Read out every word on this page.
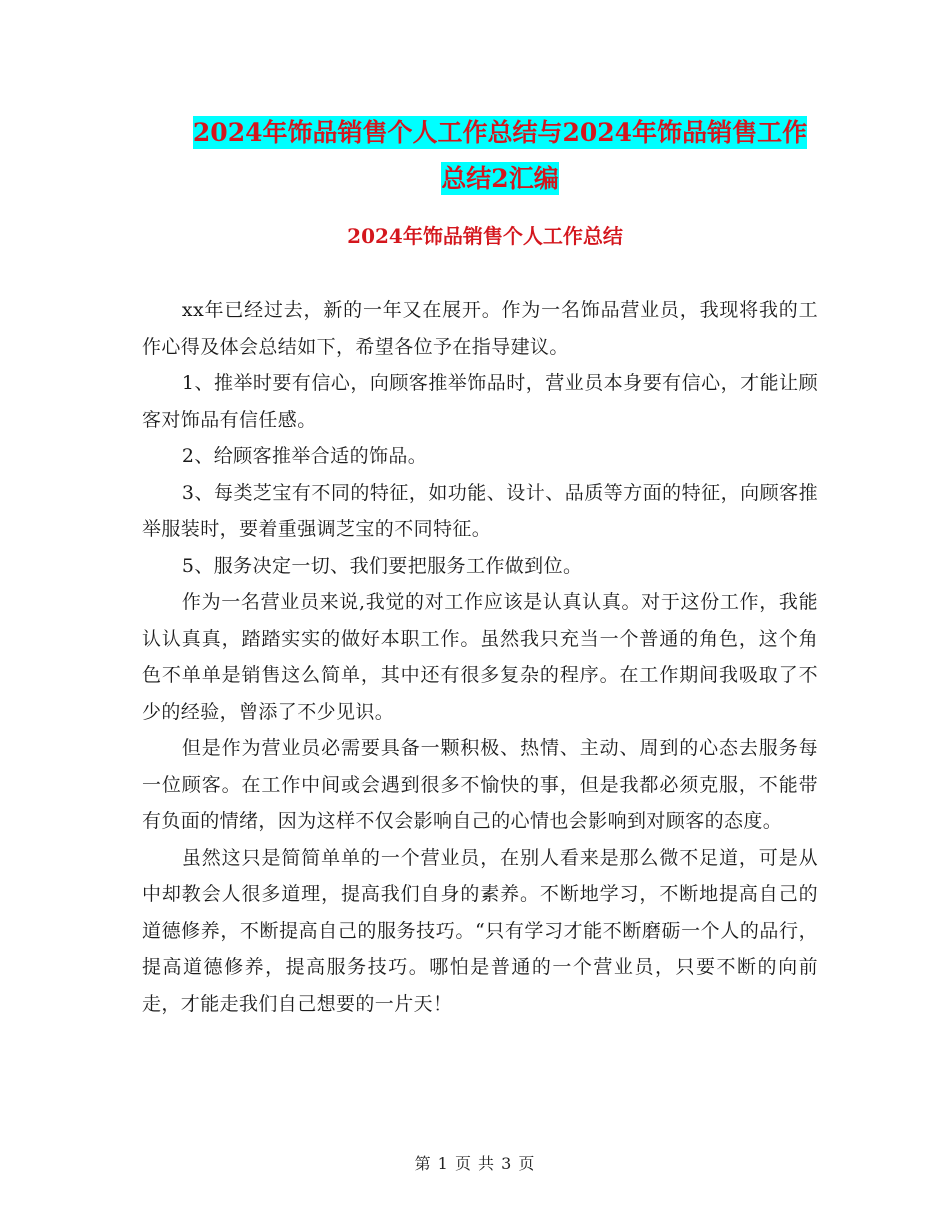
2024年饰品销售个人工作总结与2024年饰品销售工作
总结2汇编
2024年饰品销售个人工作总结

xx年已经过去，新的一年又在展开。作为一名饰品营业员，我现将我的工作心得及体会总结如下，希望各位予在指导建议。

1、推举时要有信心，向顾客推举饰品时，营业员本身要有信心，才能让顾客对饰品有信任感。

2、给顾客推举合适的饰品。

3、每类芝宝有不同的特征，如功能、设计、品质等方面的特征，向顾客推举服装时，要着重强调芝宝的不同特征。

5、服务决定一切、我们要把服务工作做到位。

作为一名营业员来说,我觉的对工作应该是认真认真。对于这份工作，我能认认真真，踏踏实实的做好本职工作。虽然我只充当一个普通的角色，这个角色不单单是销售这么简单，其中还有很多复杂的程序。在工作期间我吸取了不少的经验，曾添了不少见识。

但是作为营业员必需要具备一颗积极、热情、主动、周到的心态去服务每一位顾客。在工作中间或会遇到很多不愉快的事，但是我都必须克服，不能带有负面的情绪，因为这样不仅会影响自己的心情也会影响到对顾客的态度。

虽然这只是简简单单的一个营业员，在别人看来是那么微不足道，可是从中却教会人很多道理，提高我们自身的素养。不断地学习，不断地提高自己的道德修养，不断提高自己的服务技巧。“只有学习才能不断磨砺一个人的品行，提高道德修养，提高服务技巧。哪怕是普通的一个营业员，只要不断的向前走，才能走我们自己想要的一片天！

第 1 页 共 3 页
